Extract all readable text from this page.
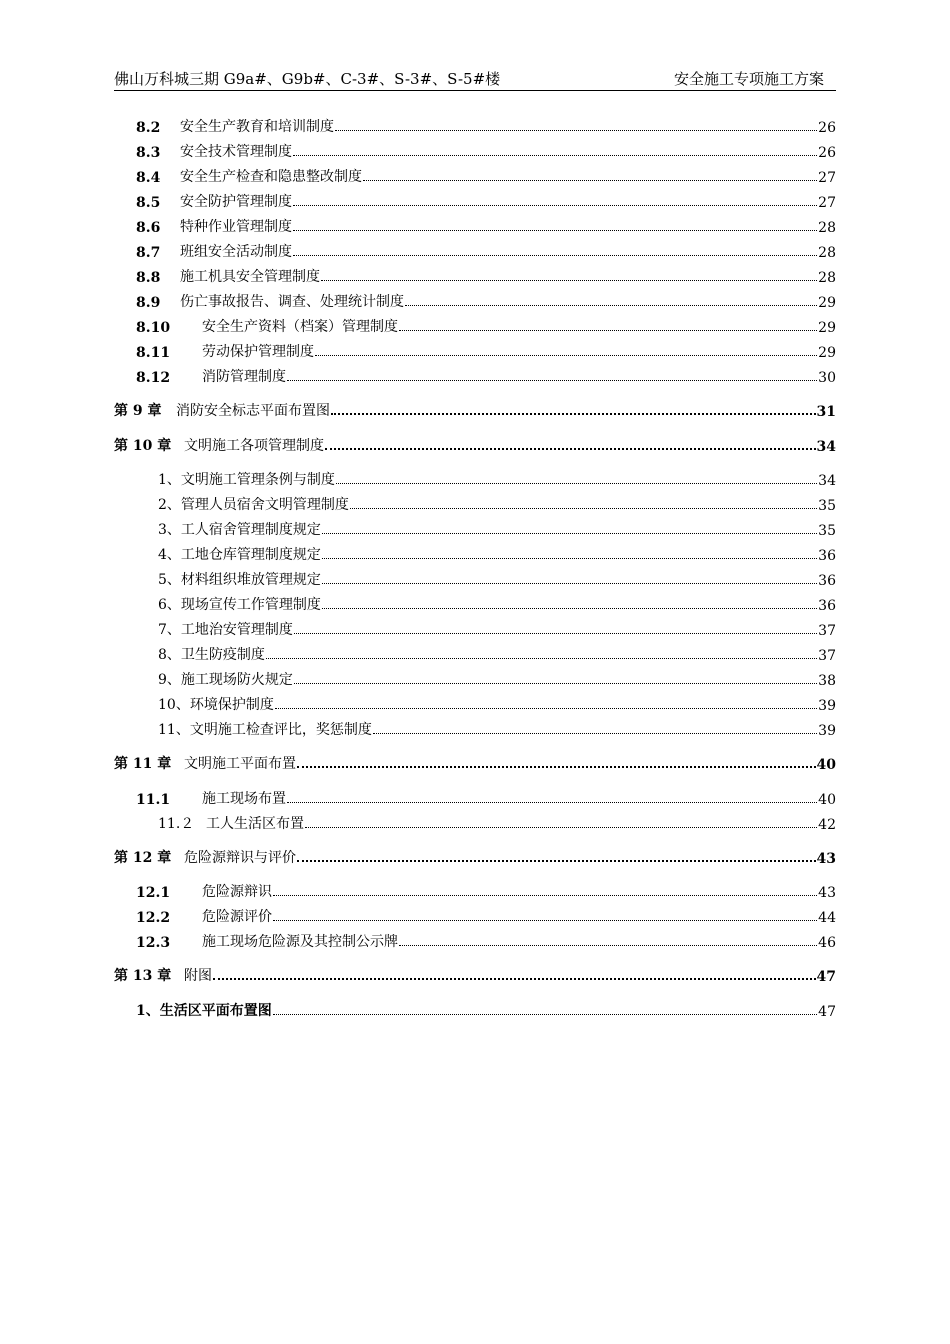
佛山万科城三期 G9a#、G9b#、C-3#、S-3#、S-5#楼	安全施工专项施工方案
8.2	安全生产教育和培训制度	26
8.3	安全技术管理制度	26
8.4	安全生产检查和隐患整改制度	27
8.5	安全防护管理制度	27
8.6	特种作业管理制度	28
8.7	班组安全活动制度	28
8.8	施工机具安全管理制度	28
8.9	伤亡事故报告、调查、处理统计制度	29
8.10	安全生产资料（档案）管理制度	29
8.11	劳动保护管理制度	29
8.12	消防管理制度	30
第 9 章	消防安全标志平面布置图	31
第 10 章 文明施工各项管理制度	34
1、文明施工管理条例与制度	34
2、管理人员宿舍文明管理制度	35
3、工人宿舍管理制度规定	35
4、工地仓库管理制度规定	36
5、材料组织堆放管理规定	36
6、现场宣传工作管理制度	36
7、工地治安管理制度	37
8、卫生防疫制度	37
9、施工现场防火规定	38
10、环境保护制度	39
11、文明施工检查评比，奖惩制度	39
第 11 章 文明施工平面布置	40
11.1	施工现场布置	40
11.２ 工人生活区布置	42
第 12 章 危险源辩识与评价	43
12.1	危险源辩识	43
12.2	危险源评价	44
12.3	施工现场危险源及其控制公示牌	46
第 13 章 附图	47
1、生活区平面布置图	47
